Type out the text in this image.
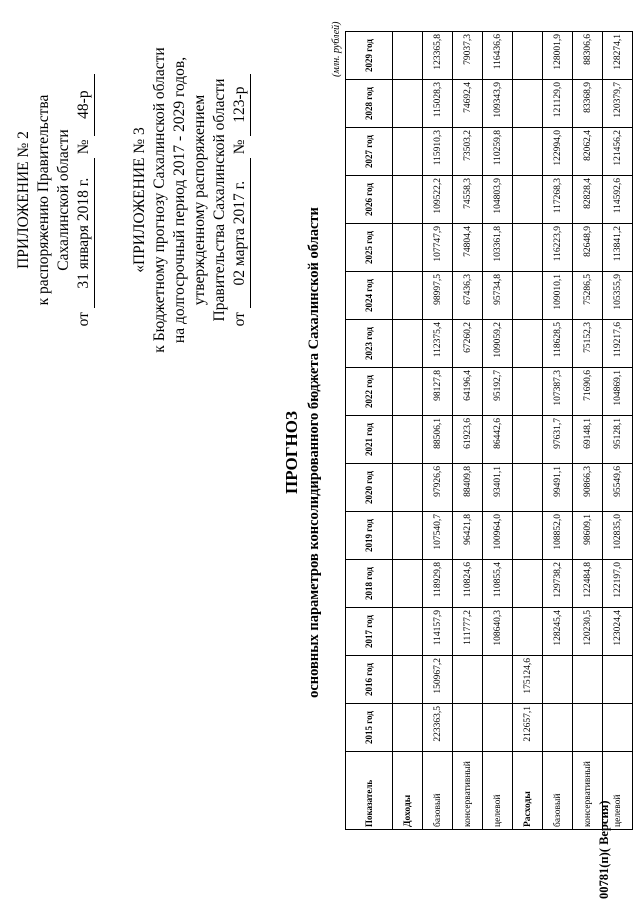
ПРИЛОЖЕНИЕ № 2 к распоряжению Правительства Сахалинской области
от 31 января 2018 г. № 48-р
«ПРИЛОЖЕНИЕ № 3 к Бюджетному прогнозу Сахалинской области на долгосрочный период 2017 - 2029 годов, утвержденному распоряжением Правительства Сахалинской области от 02 марта 2017 г. № 123-р
ПРОГНОЗ основных параметров консолидированного бюджета Сахалинской области
(млн. рублей)
Показатель	2015 год	2016 год	2017 год	2018 год	2019 год	2020 год	2021 год	2022 год	2023 год	2024 год	2025 год	2026 год	2027 год	2028 год	2029 год
Доходы															
базовый	223363,5	150967,2	114157,9	118929,8	107540,7	97926,6	88506,1	98127,8	112375,4	98997,5	107747,9	109522,2	115910,3	115028,3	123365,8
консервативный			111777,2	110824,6	96421,8	88409,8	61923,6	64196,4	67260,2	67436,3	74804,4	74558,3	73503,2	74692,4	79037,3
целевой			108640,3	110855,4	100964,0	93401,1	86442,6	95192,7	109059,2	95734,8	103361,8	104803,9	110259,8	109343,9	116436,6
Расходы	212657,1	175124,6													
базовый			128245,4	129738,2	108852,0	99491,1	97631,7	107387,3	118628,5	109010,1	116223,9	117268,3	122994,0	121129,0	128001,9
консервативный			120230,5	122484,8	98609,1	90866,3	69148,1	71690,6	75152,3	75286,5	82648,9	82828,4	82062,4	83368,9	88306,6
целевой			123024,4	122197,0	102835,0	95549,6	95128,1	104869,1	119217,6	105355,9	113841,2	114592,6	121456,2	120379,7	128274,1
00781(п)( Версия)
